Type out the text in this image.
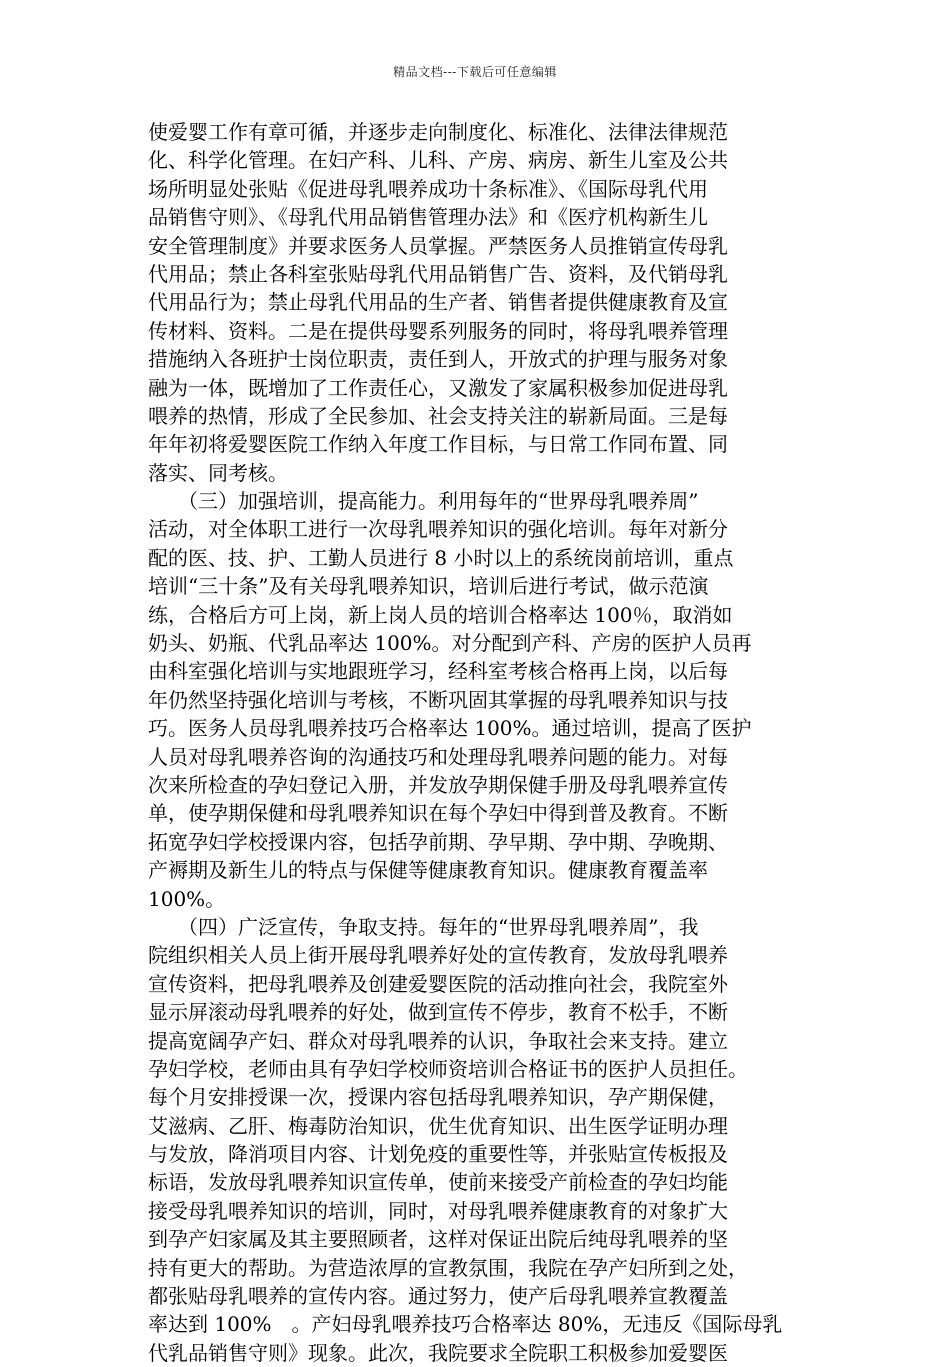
精品文档---下载后可任意编辑
使爱婴工作有章可循，并逐步走向制度化、标准化、法律法律规范
化、科学化管理。在妇产科、儿科、产房、病房、新生儿室及公共
场所明显处张贴《促进母乳喂养成功十条标准》、《国际母乳代用
品销售守则》、《母乳代用品销售管理办法》和《医疗机构新生儿
安全管理制度》并要求医务人员掌握。严禁医务人员推销宣传母乳
代用品；禁止各科室张贴母乳代用品销售广告、资料，及代销母乳
代用品行为；禁止母乳代用品的生产者、销售者提供健康教育及宣
传材料、资料。二是在提供母婴系列服务的同时，将母乳喂养管理
措施纳入各班护士岗位职责，责任到人，开放式的护理与服务对象
融为一体，既增加了工作责任心，又激发了家属积极参加促进母乳
喂养的热情，形成了全民参加、社会支持关注的崭新局面。三是每
年年初将爱婴医院工作纳入年度工作目标，与日常工作同布置、同
落实、同考核。
　　（三）加强培训，提高能力。利用每年的“世界母乳喂养周”
活动，对全体职工进行一次母乳喂养知识的强化培训。每年对新分
配的医、技、护、工勤人员进行 8 小时以上的系统岗前培训，重点
培训“三十条”及有关母乳喂养知识，培训后进行考试，做示范演
练，合格后方可上岗，新上岗人员的培训合格率达 100％，取消如
奶头、奶瓶、代乳品率达 100%。对分配到产科、产房的医护人员再
由科室强化培训与实地跟班学习，经科室考核合格再上岗，以后每
年仍然坚持强化培训与考核，不断巩固其掌握的母乳喂养知识与技
巧。医务人员母乳喂养技巧合格率达 100%。通过培训，提高了医护
人员对母乳喂养咨询的沟通技巧和处理母乳喂养问题的能力。对每
次来所检查的孕妇登记入册，并发放孕期保健手册及母乳喂养宣传
单，使孕期保健和母乳喂养知识在每个孕妇中得到普及教育。不断
拓宽孕妇学校授课内容，包括孕前期、孕早期、孕中期、孕晚期、
产褥期及新生儿的特点与保健等健康教育知识。健康教育覆盖率
100%。
　　（四）广泛宣传，争取支持。每年的“世界母乳喂养周”，我
院组织相关人员上街开展母乳喂养好处的宣传教育，发放母乳喂养
宣传资料，把母乳喂养及创建爱婴医院的活动推向社会，我院室外
显示屏滚动母乳喂养的好处，做到宣传不停步，教育不松手，不断
提高宽阔孕产妇、群众对母乳喂养的认识，争取社会来支持。建立
孕妇学校，老师由具有孕妇学校师资培训合格证书的医护人员担任。
每个月安排授课一次，授课内容包括母乳喂养知识，孕产期保健，
艾滋病、乙肝、梅毒防治知识，优生优育知识、出生医学证明办理
与发放，降消项目内容、计划免疫的重要性等，并张贴宣传板报及
标语，发放母乳喂养知识宣传单，使前来接受产前检查的孕妇均能
接受母乳喂养知识的培训，同时，对母乳喂养健康教育的对象扩大
到孕产妇家属及其主要照顾者，这样对保证出院后纯母乳喂养的坚
持有更大的帮助。为营造浓厚的宣教氛围，我院在孕产妇所到之处，
都张贴母乳喂养的宣传内容。通过努力，使产后母乳喂养宣教覆盖
率达到 100%　。产妇母乳喂养技巧合格率达 80%，无违反《国际母乳
代乳品销售守则》现象。此次，我院要求全院职工积极参加爱婴医
